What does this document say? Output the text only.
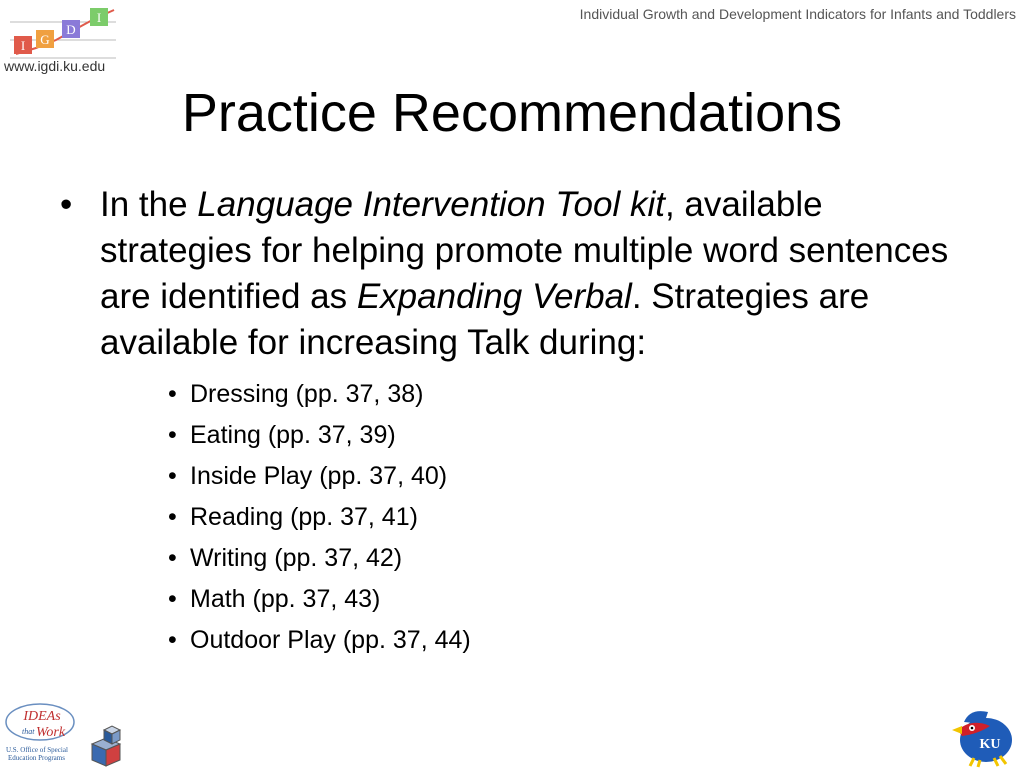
Individual Growth and Development Indicators for Infants and Toddlers
I G
D
I
www.igdi.ku.edu
Practice Recommendations
• In the Language Intervention Tool kit, available strategies for helping promote multiple word sentences are identified as Expanding Verbal. Strategies are available for increasing Talk during:
• Dressing (pp. 37, 38)
• Eating (pp. 37, 39)
• Inside Play (pp. 37, 40)
• Reading (pp. 37, 41)
• Writing (pp. 37, 42)
• Math (pp. 37, 43)
• Outdoor Play (pp. 37, 44)
IDEAs
that Work
U.S. Office of Special
Education Programs
KU
